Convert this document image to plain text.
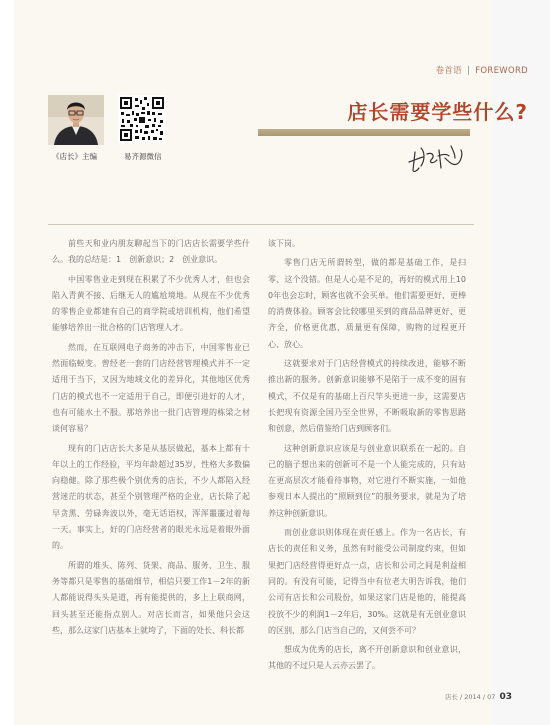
卷首语 | FOREWORD
店长需要学些什么?
《店长》主编	易齐源微信

前些天和业内朋友聊起当下的门店店长需要学些什么。我的总结是：1　创新意识；2　创业意识。

中国零售业走到现在积累了不少优秀人才，但也会陷入青黄不接、后继无人的尴尬境地。从现在不少优秀的零售企业都建有自己的商学院或培训机构，他们希望能够培养出一批合格的门店管理人才。

然而，在互联网电子商务的冲击下，中国零售业已然面临蜕变。曾经老一套的门店经营管理模式并不一定适用于当下，又因为地域文化的差异化，其他地区优秀门店的模式也不一定适用于自己，即便引进好的人才，也有可能水土不服。那培养出一批门店管理的栋梁之材谈何容易？

现有的门店店长大多是从基层做起，基本上都有十年以上的工作经验，平均年龄超过35岁，性格大多数偏向稳健。除了那些极个别优秀的店长，不少人都陷入经营迷茫的状态，甚至个别管理严格的企业，店长除了起早贪黑、劳碌奔波以外，毫无话语权，浑浑噩噩过着每一天。事实上，好的门店经营者的眼光永远是着眼外面的。

所谓的堆头、陈列、货架、商品、服务、卫生、服务等都只是零售的基础细节，相信只要工作1－2年的新人都能说得头头是道，再有能提供的，多上上联商网，回头甚至还能指点别人。对店长而言，如果他只会这些，那么这家门店基本上就垮了，下面的处长、科长都

该下岗。

零售门店无所谓转型，做的都是基础工作，是扫零、这个没错。但是人心是不足的，再好的模式用上100年也会忘时，顾客也就不会买单。他们需要更好、更棒的消费体验。顾客会比较哪里买到的商品品牌更好、更齐全，价格更优惠，质量更有保障，购物的过程更开心、放心。

这就要求对于门店经营模式的持续改进，能够不断推出新的服务。创新意识能够不是陷于一成不变的固有模式，不仅是有的基础上百尺竿头更进一步，这需要店长把现有资源全国乃至全世界，不断吸取新的零售思路和创意，然后借鉴给门店到顾客们。

这种创新意识应该是与创业意识联系在一起的。自己的脑子想出来的创新可不是一个人能完成的，只有站在更高层次才能看待事物，对它进行不断实施，一如他参观日本人提出的“照顾到位”的服务要求，就是为了培养这种创新意识。

而创业意识则体现在责任感上。作为一名店长，有店长的责任和义务，虽然有时能受公司制度约束，但如果把门店经营得更好点一点，店长和公司之间是利益相同的。有没有可能，记得当中有位老大明告诉我，他们公司有店长和公司股份，如果这家门店是他的，能提高投放不少的利润1－2年后，30%。这就是有无创业意识的区别，那么门店当自己的，又何尝不可？

想成为优秀的店长，离不开创新意识和创业意识，其他的不过只是人云亦云罢了。

店长 / 2014 / 07 03
